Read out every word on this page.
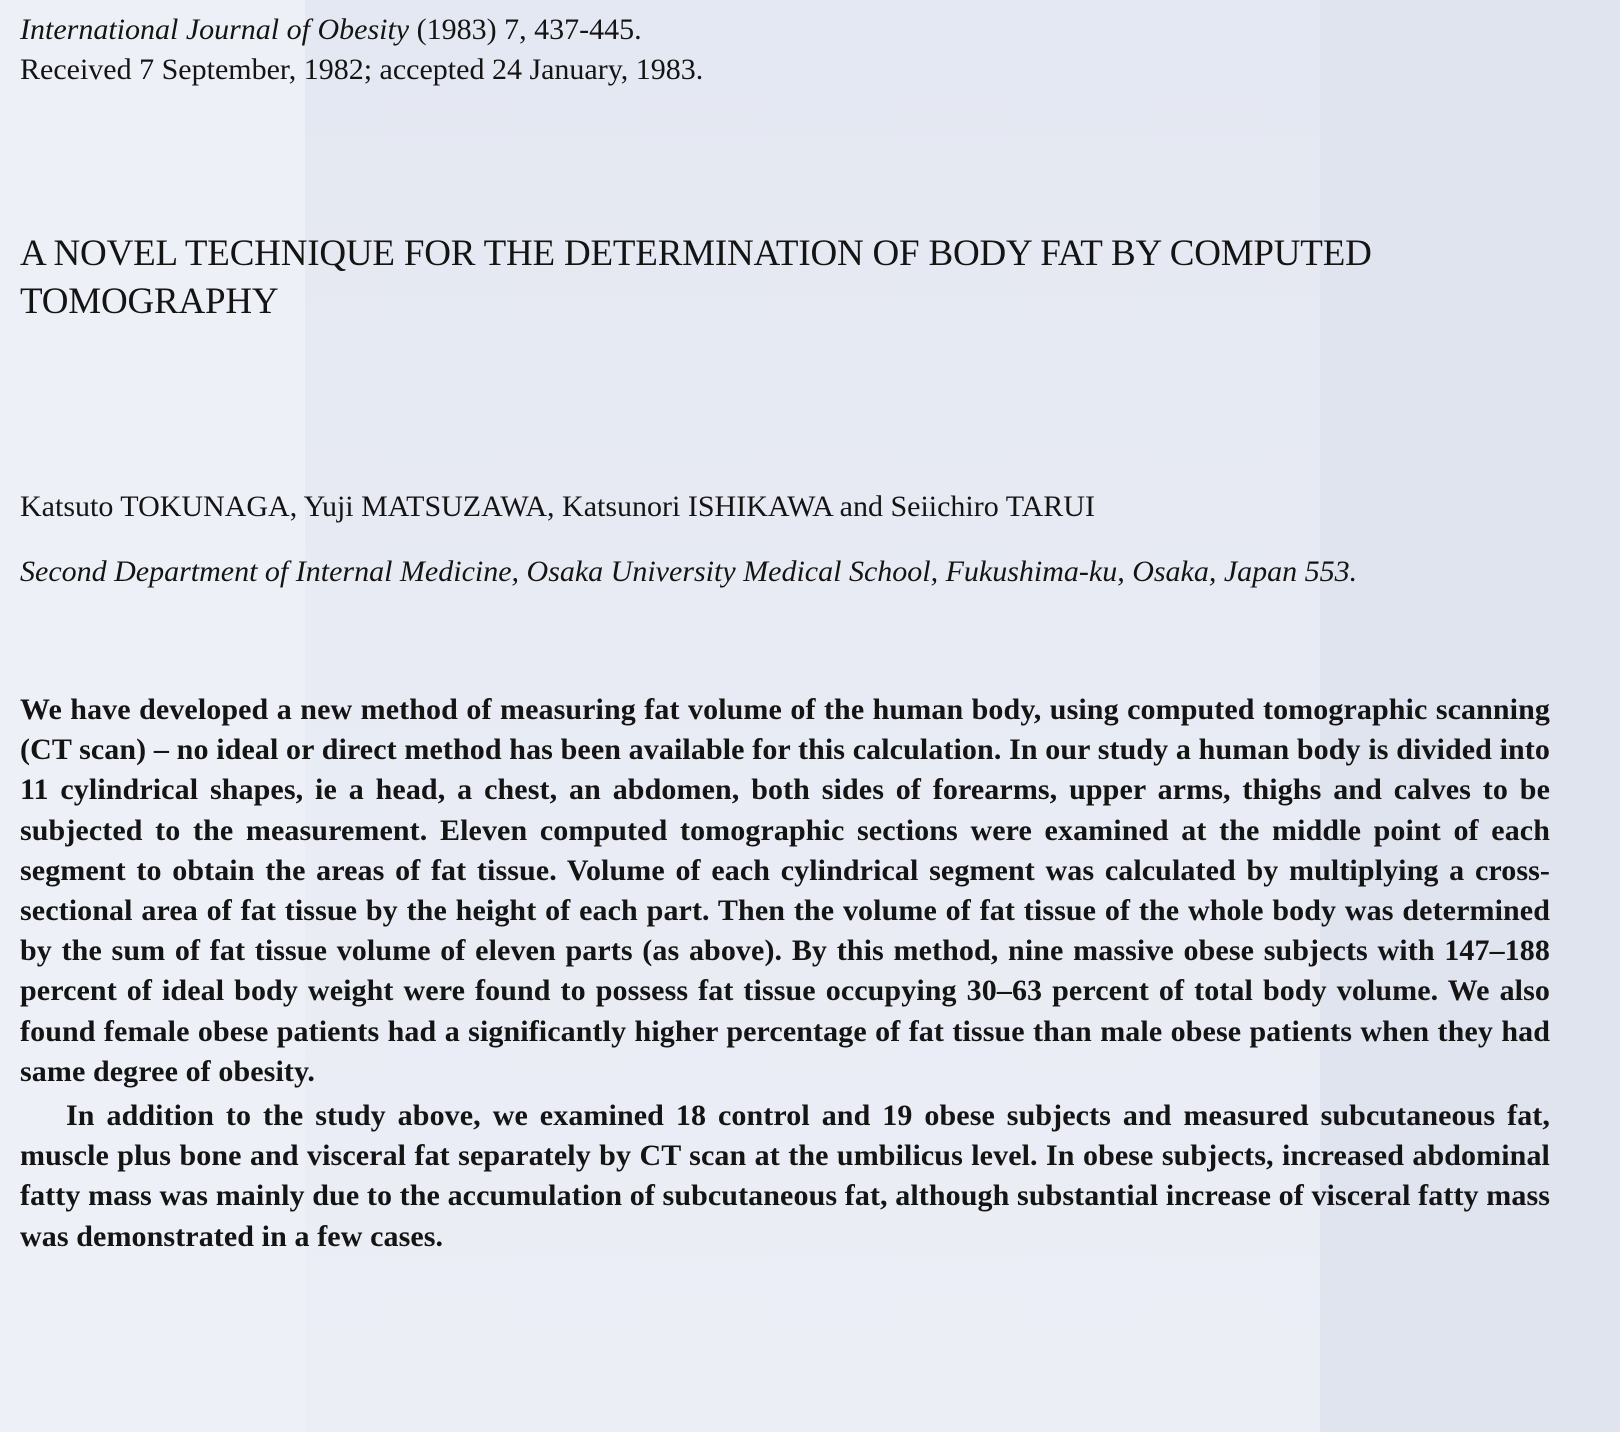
International Journal of Obesity (1983) 7, 437-445.

Received 7 September, 1982; accepted 24 January, 1983.

A NOVEL TECHNIQUE FOR THE DETERMINATION OF BODY FAT BY COMPUTED TOMOGRAPHY

Katsuto TOKUNAGA, Yuji MATSUZAWA, Katsunori ISHIKAWA and Seiichiro TARUI

Second Department of Internal Medicine, Osaka University Medical School, Fukushima-ku, Osaka, Japan 553.

We have developed a new method of measuring fat volume of the human body, using computed tomographic scanning (CT scan) – no ideal or direct method has been available for this calculation. In our study a human body is divided into 11 cylindrical shapes, ie a head, a chest, an abdomen, both sides of forearms, upper arms, thighs and calves to be subjected to the measurement. Eleven computed tomographic sections were examined at the middle point of each segment to obtain the areas of fat tissue. Volume of each cylindrical segment was calculated by multiplying a cross-sectional area of fat tissue by the height of each part. Then the volume of fat tissue of the whole body was determined by the sum of fat tissue volume of eleven parts (as above). By this method, nine massive obese subjects with 147–188 percent of ideal body weight were found to possess fat tissue occupying 30–63 percent of total body volume. We also found female obese patients had a significantly higher percentage of fat tissue than male obese patients when they had same degree of obesity.

In addition to the study above, we examined 18 control and 19 obese subjects and measured subcutaneous fat, muscle plus bone and visceral fat separately by CT scan at the umbilicus level. In obese subjects, increased abdominal fatty mass was mainly due to the accumulation of subcutaneous fat, although substantial increase of visceral fatty mass was demonstrated in a few cases.
